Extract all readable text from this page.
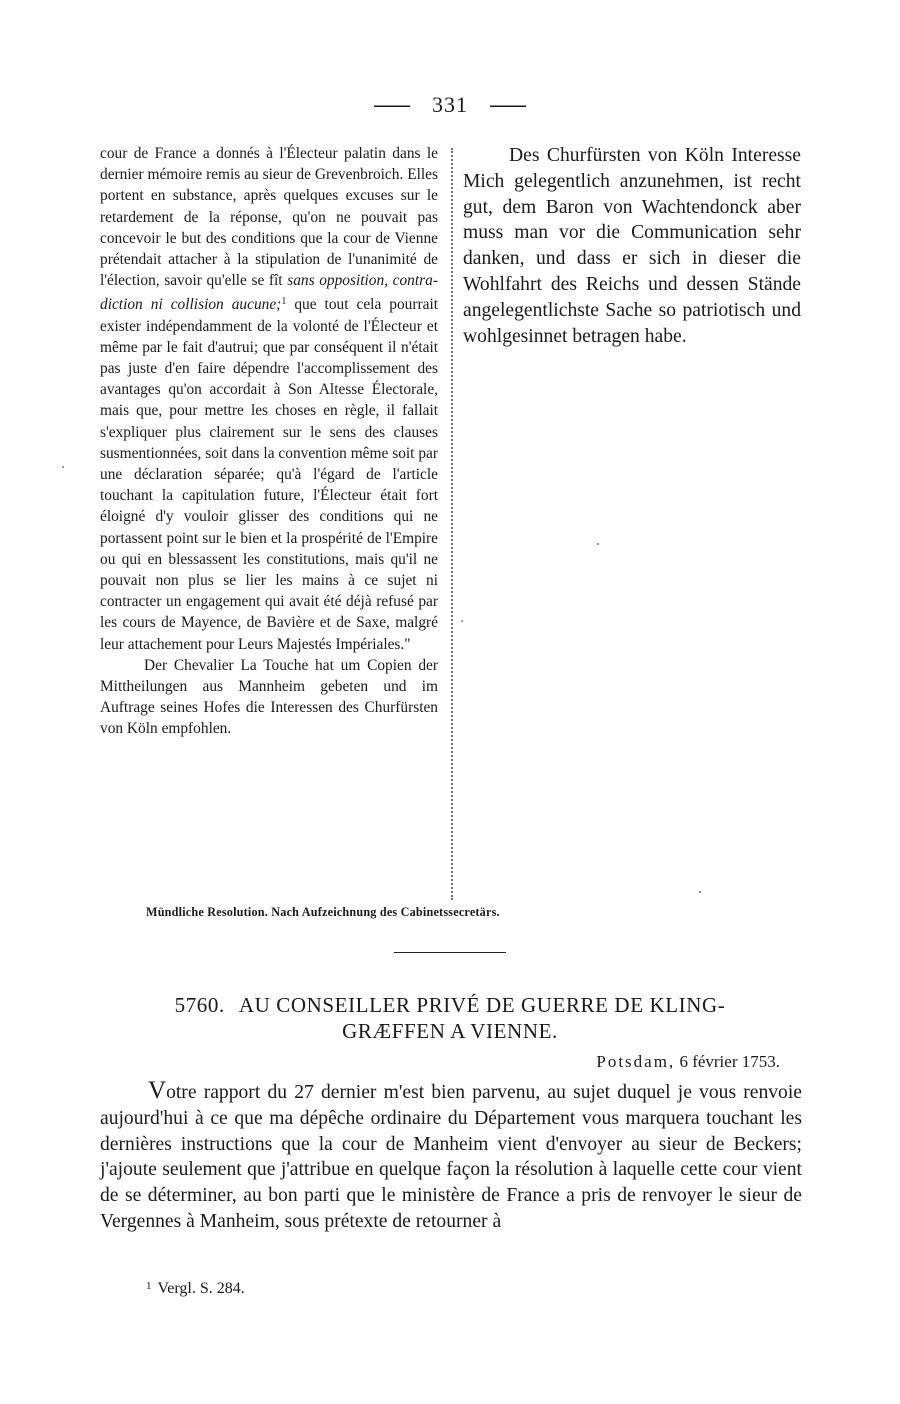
— 331 —

cour de France a donnés à l'Électeur palatin dans le dernier mémoire remis au sieur de Grevenbroich. Elles portent en substance, après quelques excuses sur le retardement de la réponse, qu'on ne pouvait pas concevoir le but des conditions que la cour de Vienne prétendait attacher à la stipulation de l'unanimité de l'élection, savoir qu'elle se fît sans opposition, contradiction ni collision aucune;$^1$ que tout cela pourrait exister indépendamment de la volonté de l'Électeur et même par le fait d'autrui; que par conséquent il n'était pas juste d'en faire dépendre l'accomplissement des avantages qu'on accordait à Son Altesse Électorale, mais que, pour mettre les choses en règle, il fallait s'expliquer plus clairement sur le sens des clauses susmentionnées, soit dans la convention même soit par une déclaration séparée; qu'à l'égard de l'article touchant la capitulation future, l'Électeur était fort éloigné d'y vouloir glisser des conditions qui ne portassent point sur le bien et la prospérité de l'Empire ou qui en blessassent les constitutions, mais qu'il ne pouvait non plus se lier les mains à ce sujet ni contracter un engagement qui avait été déjà refusé par les cours de Mayence, de Bavière et de Saxe, malgré leur attachement pour Leurs Majestés Impériales."

Der Chevalier La Touche hat um Copien der Mittheilungen aus Mannheim gebeten und im Auftrage seines Hofes die Interessen des Churfürsten von Köln empfohlen.

Des Churfürsten von Köln Interesse Mich gelegentlich anzunehmen, ist recht gut, dem Baron von Wachtendonck aber muss man vor die Communication sehr danken, und dass er sich in dieser die Wohlfahrt des Reichs und dessen Stände angelegentlichste Sache so patriotisch und wohlgesinnet betragen habe.

Mündliche Resolution. Nach Aufzeichnung des Cabinetssecretärs.
5760. AU CONSEILLER PRIVÉ DE GUERRE DE KLING-
GRÆFFEN A VIENNE.
Potsdam, 6 février 1753.

Votre rapport du 27 dernier m'est bien parvenu, au sujet duquel je vous renvoie aujourd'hui à ce que ma dépêche ordinaire du Département vous marquera touchant les dernières instructions que la cour de Manheim vient d'envoyer au sieur de Beckers; j'ajoute seulement que j'attribue en quelque façon la résolution à laquelle cette cour vient de se déterminer, au bon parti que le ministère de France a pris de renvoyer le sieur de Vergennes à Manheim, sous prétexte de retourner à

$^1$ Vergl. S. 284.
